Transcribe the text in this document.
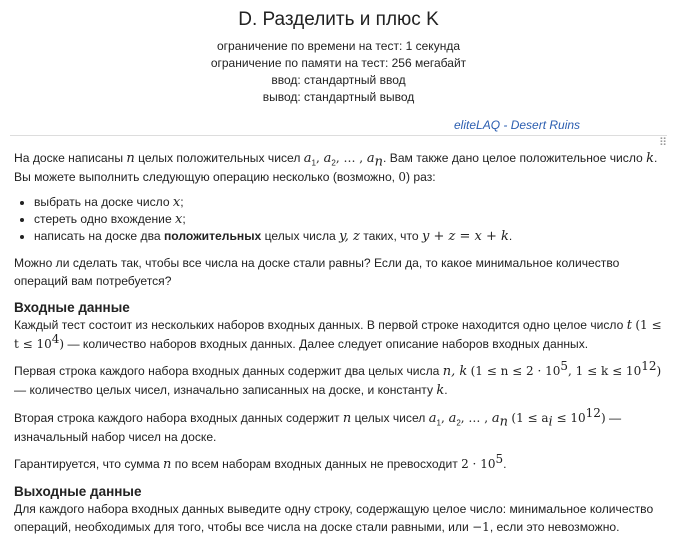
D. Разделить и плюс K
ограничение по времени на тест: 1 секунда
ограничение по памяти на тест: 256 мегабайт
ввод: стандартный ввод
вывод: стандартный вывод
eliteLAQ - Desert Ruins
⠿

На доске написаны n целых положительных чисел $a_1$, $a_2$, … , $a_n$. Вам также дано целое положительное число k. Вы можете выполнить следующую операцию несколько (возможно, 0) раз:

• выбрать на доске число x;
• стереть одно вхождение x;
• написать на доске два положительных целых числа y, z таких, что y + z = x + k.

Можно ли сделать так, чтобы все числа на доске стали равны? Если да, то какое минимальное количество операций вам потребуется?

Входные данные

Каждый тест состоит из нескольких наборов входных данных. В первой строке находится одно целое число t $(1 \le t \le 10^4)$ — количество наборов входных данных. Далее следует описание наборов входных данных.

Первая строка каждого набора входных данных содержит два целых числа n, k ($1 \le n \le 2 \cdot 10^5$, $1 \le k \le 10^{12}$) — количество целых чисел, изначально записанных на доске, и константу k.

Вторая строка каждого набора входных данных содержит n целых чисел $a_1$, $a_2$, … , $a_n$ $(1 \le a_i \le 10^{12})$ — изначальный набор чисел на доске.

Гарантируется, что сумма n по всем наборам входных данных не превосходит $2 \cdot 10^5$.

Выходные данные

Для каждого набора входных данных выведите одну строку, содержащую целое число: минимальное количество операций, необходимых для того, чтобы все числа на доске стали равными, или −1, если это невозможно.
